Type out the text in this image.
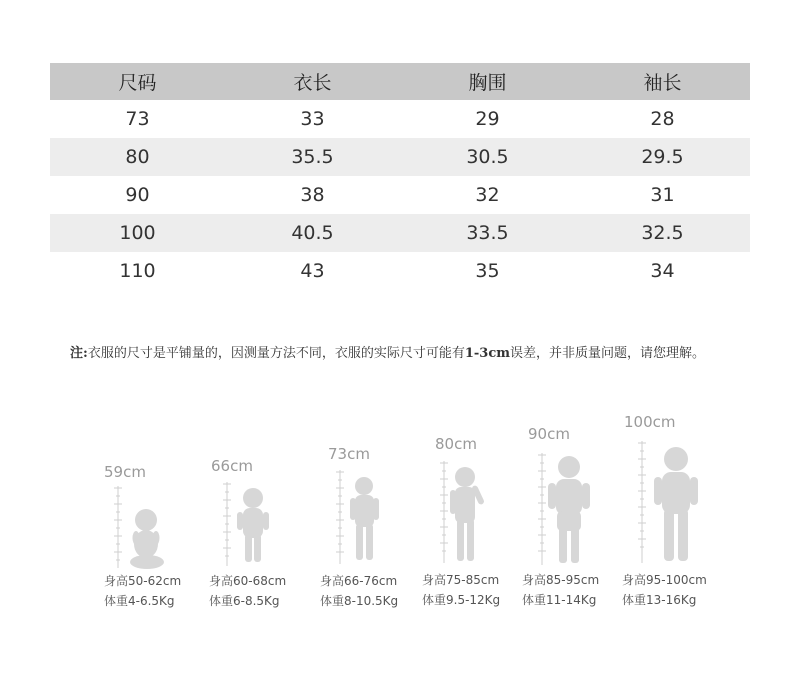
尺码	衣长	胸围	袖长
73	33	29	28
80	35.5	30.5	29.5
90	38	32	31
100	40.5	33.5	32.5
110	43	35	34
注:衣服的尺寸是平铺量的，因测量方法不同，衣服的实际尺寸可能有1-3cm误差，并非质量问题，请您理解。
59cm
身高50-62cm
体重4-6.5Kg
66cm
身高60-68cm
体重6-8.5Kg
73cm
身高66-76cm
体重8-10.5Kg
80cm
身高75-85cm
体重9.5-12Kg
90cm
身高85-95cm
体重11-14Kg
100cm
身高95-100cm
体重13-16Kg
